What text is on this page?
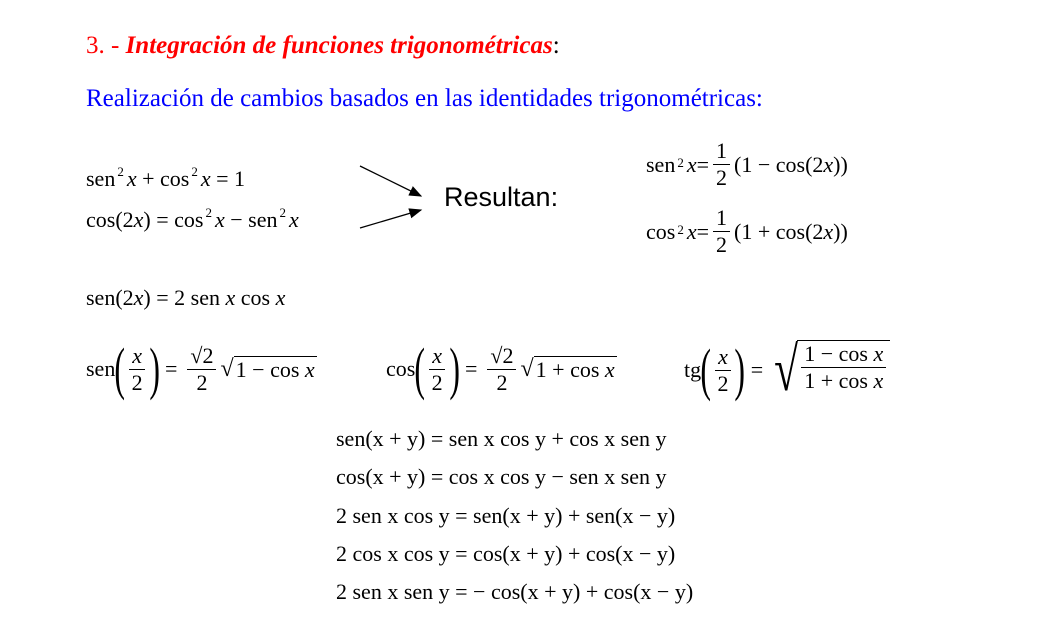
3. - Integración de funciones trigonométricas:
Realización de cambios basados en las identidades trigonométricas:
sen $^2$ x + cos $^2$ x = 1
cos(2x) = cos $^2$ x − sen $^2$ x
Resultan:
sen$^2$ $x = \frac{1}{2} (1 - \cos(2$ x ))
$\cos^2 x = \frac{1}{2} (1 + \cos(2$ x ))
sen(2x) = 2 sen x cos x
sen ( $\frac{x}{2}$ ) = $\frac{√2}{2}$ √ 1 − cos x	cos ( $\frac{x}{2}$ ) = $\frac{√2}{2}$ √ 1 + cos x	tg ( $\frac{x}{2}$ ) = √ $\frac{\text{1 − cos x}}{\text{1 + cos x}}$
sen(x + y) = sen x cos y + cos x sen y
cos(x + y) = cos x cos y − sen x sen y
2 sen x cos y = sen(x + y) + sen(x − y)
2 cos x cos y = cos(x + y) + cos(x − y)
2 sen x sen y = − cos(x + y) + cos(x − y)
